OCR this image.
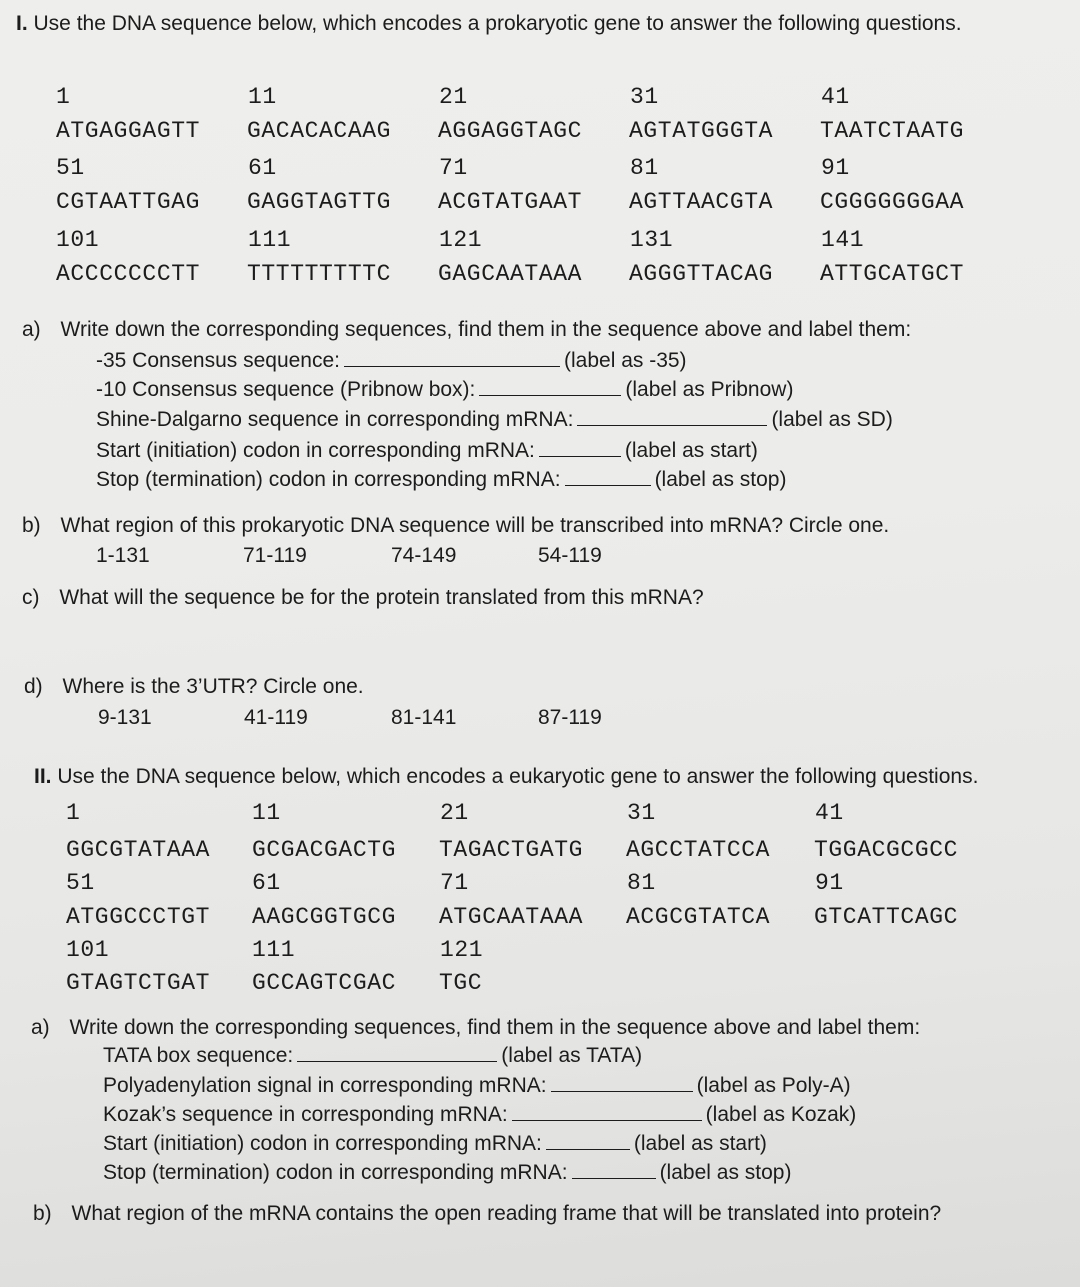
I. Use the DNA sequence below, which encodes a prokaryotic gene to answer the following questions.
1	11	21	31	41
ATGAGGAGTT GACACACAAG AGGAGGTAGC AGTATGGGTA TAATCTAATG
51	61	71	81	91
CGTAATTGAG GAGGTAGTTG ACGTATGAAT AGTTAACGTA CGGGGGGGAA
101	111	121	131	141
ACCCCCCCTT TTTTTTTTTC GAGCAATAAA AGGGTTACAG ATTGCATGCT
a) Write down the corresponding sequences, find them in the sequence above and label them:
-35 Consensus sequence:	(label as -35)
-10 Consensus sequence (Pribnow box):	(label as Pribnow)
Shine-Dalgarno sequence in corresponding mRNA:	(label as SD)
Start (initiation) codon in corresponding mRNA:	(label as start)
Stop (termination) codon in corresponding mRNA:	(label as stop)
b) What region of this prokaryotic DNA sequence will be transcribed into mRNA? Circle one.
1-131	71-119	74-149	54-119
c) What will the sequence be for the protein translated from this mRNA?
d) Where is the 3’UTR? Circle one.
9-131	41-119	81-141	87-119
II. Use the DNA sequence below, which encodes a eukaryotic gene to answer the following questions.
1	11	21	31	41
GGCGTATAAA GCGACGACTG TAGACTGATG AGCCTATCCA TGGACGCGCC
51	61	71	81	91
ATGGCCCTGT AAGCGGTGCG ATGCAATAAA ACGCGTATCA GTCATTCAGC
101	111	121
GTAGTCTGAT GCCAGTCGAC TGC
a) Write down the corresponding sequences, find them in the sequence above and label them:
TATA box sequence:	(label as TATA)
Polyadenylation signal in corresponding mRNA:	(label as Poly-A)
Kozak’s sequence in corresponding mRNA:	(label as Kozak)
Start (initiation) codon in corresponding mRNA:	(label as start)
Stop (termination) codon in corresponding mRNA:	(label as stop)
b) What region of the mRNA contains the open reading frame that will be translated into protein?
